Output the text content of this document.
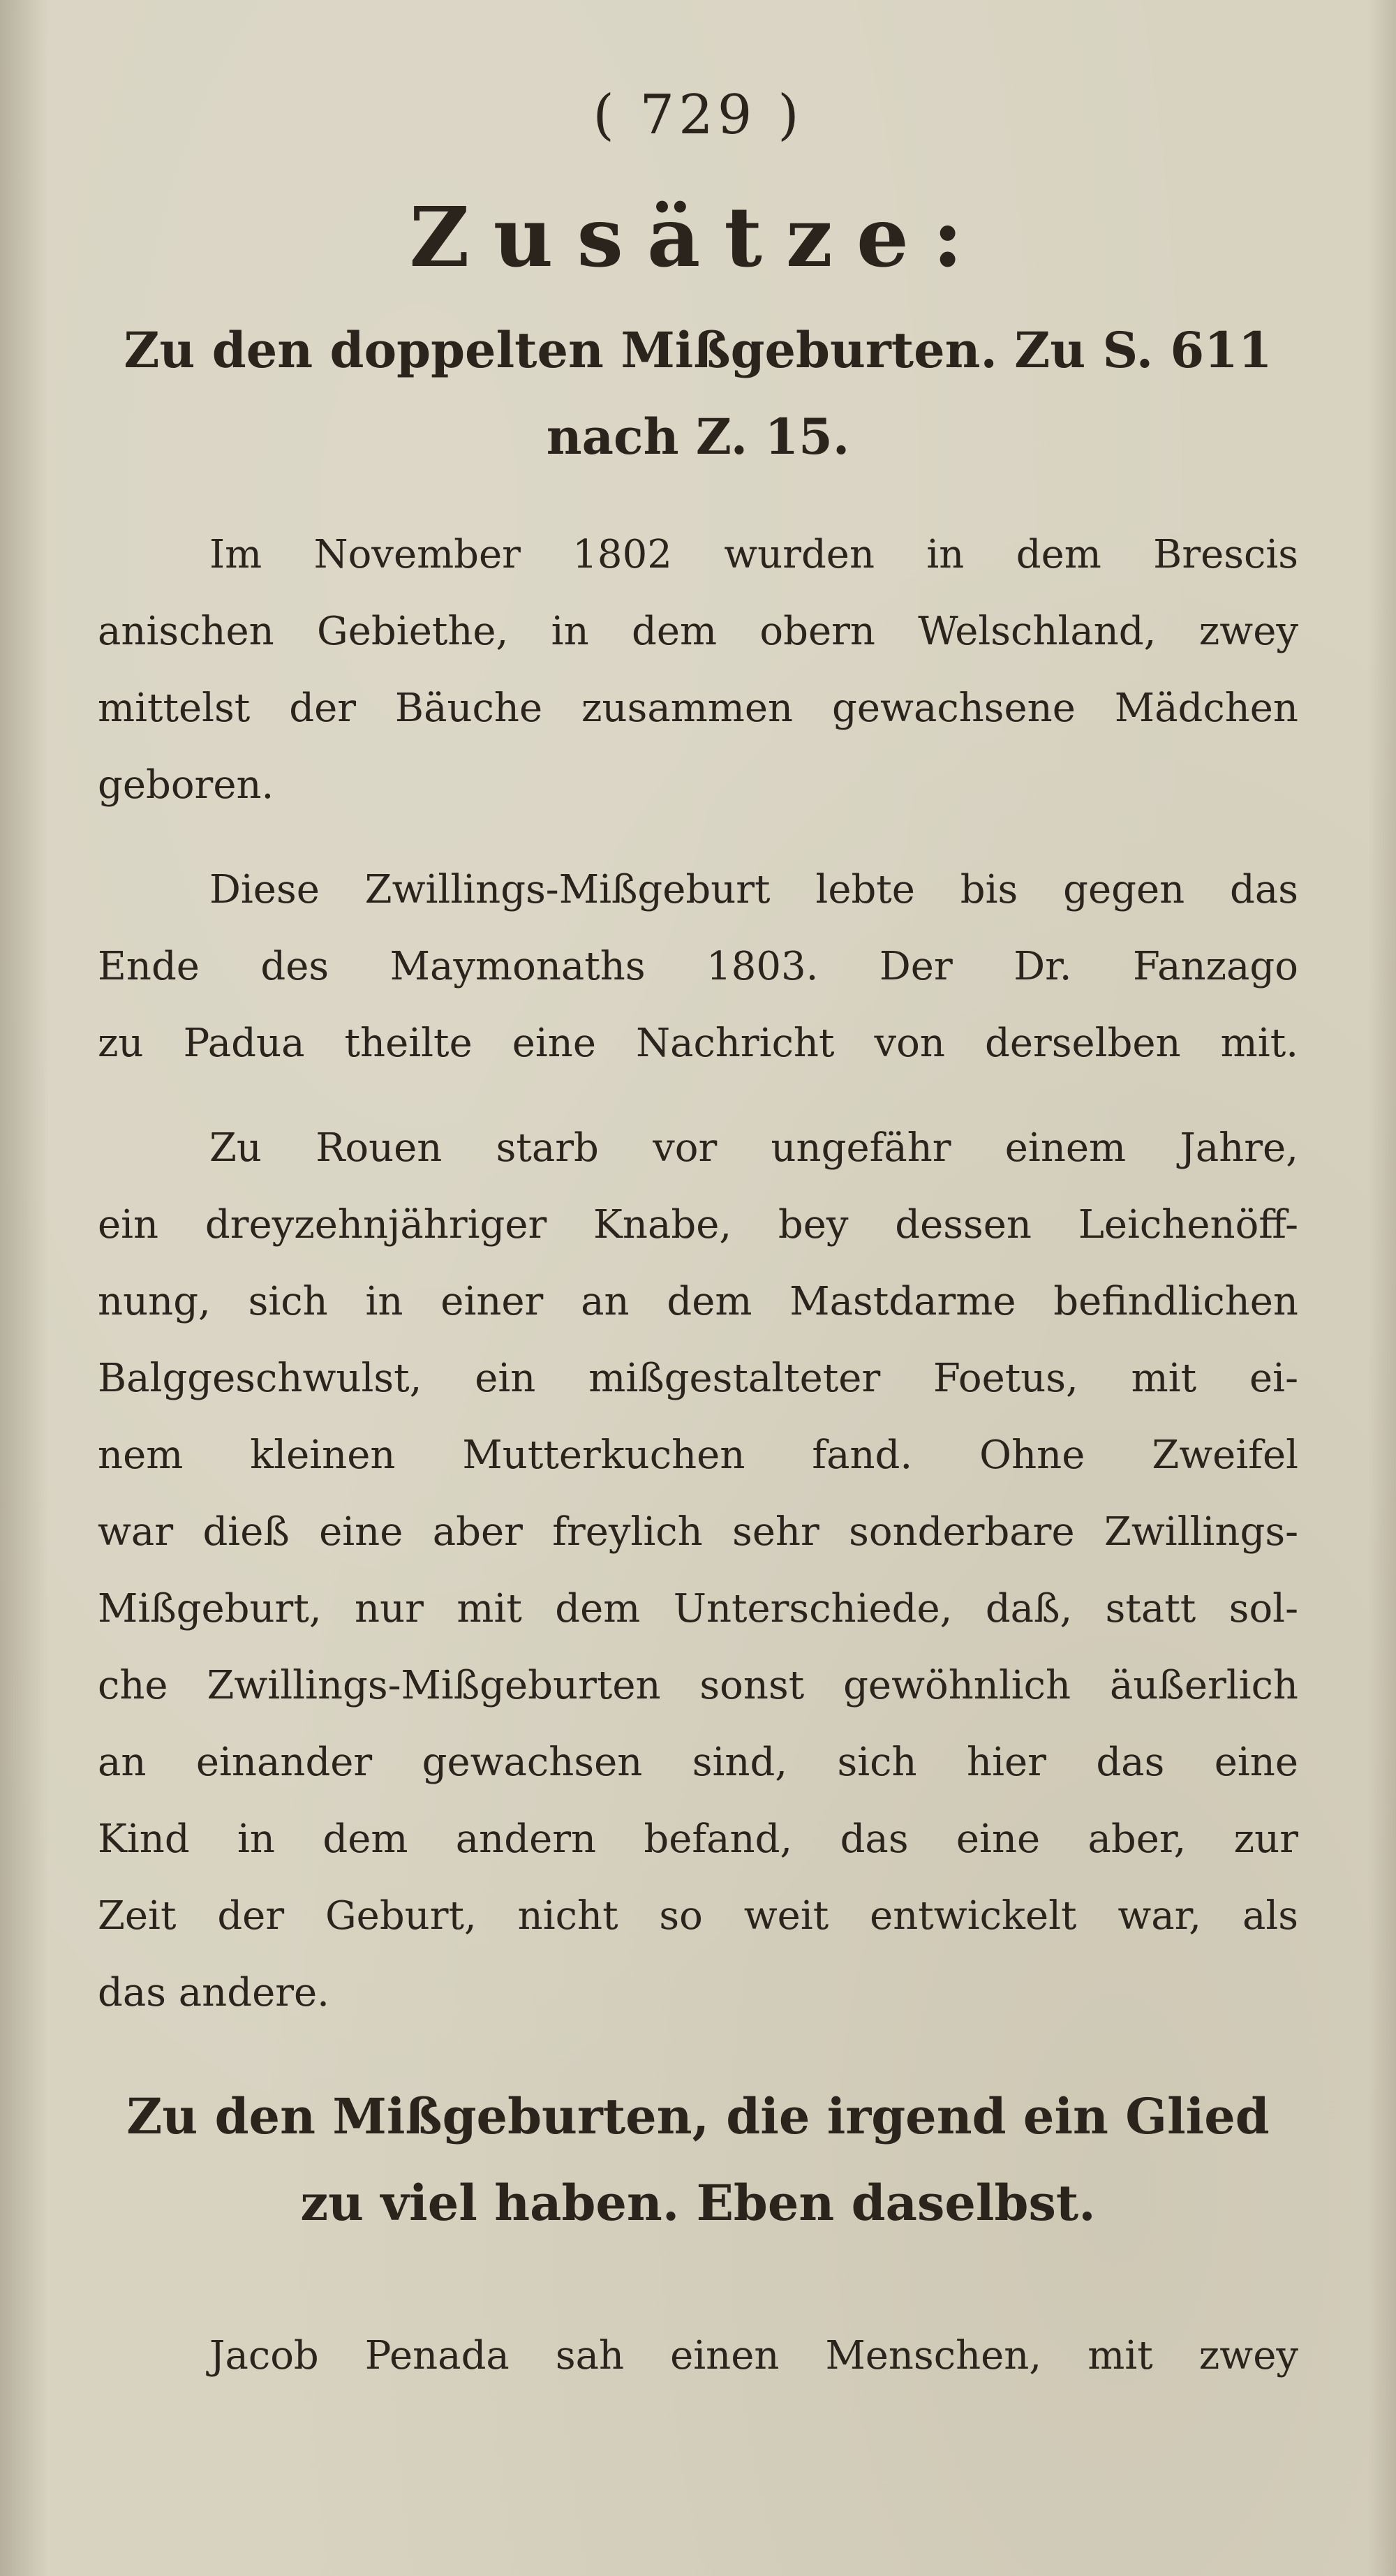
( 729 )
Zusätze:
Zu den doppelten Mißgeburten. Zu S. 611
nach Z. 15.
Im November 1802 wurden in dem Brescis
anischen Gebiethe, in dem obern Welschland, zwey
mittelst der Bäuche zusammen gewachsene Mädchen
geboren.
Diese Zwillings-Mißgeburt lebte bis gegen das
Ende des Maymonaths 1803. Der Dr. Fanzago
zu Padua theilte eine Nachricht von derselben mit.
Zu Rouen starb vor ungefähr einem Jahre,
ein dreyzehnjähriger Knabe, bey dessen Leichenöff-
nung, sich in einer an dem Mastdarme befindlichen
Balggeschwulst, ein mißgestalteter Foetus, mit ei-
nem kleinen Mutterkuchen fand. Ohne Zweifel
war dieß eine aber freylich sehr sonderbare Zwillings-
Mißgeburt, nur mit dem Unterschiede, daß, statt sol-
che Zwillings-Mißgeburten sonst gewöhnlich äußerlich
an einander gewachsen sind, sich hier das eine
Kind in dem andern befand, das eine aber, zur
Zeit der Geburt, nicht so weit entwickelt war, als
das andere.
Zu den Mißgeburten, die irgend ein Glied
zu viel haben. Eben daselbst.
Jacob Penada sah einen Menschen, mit zwey
